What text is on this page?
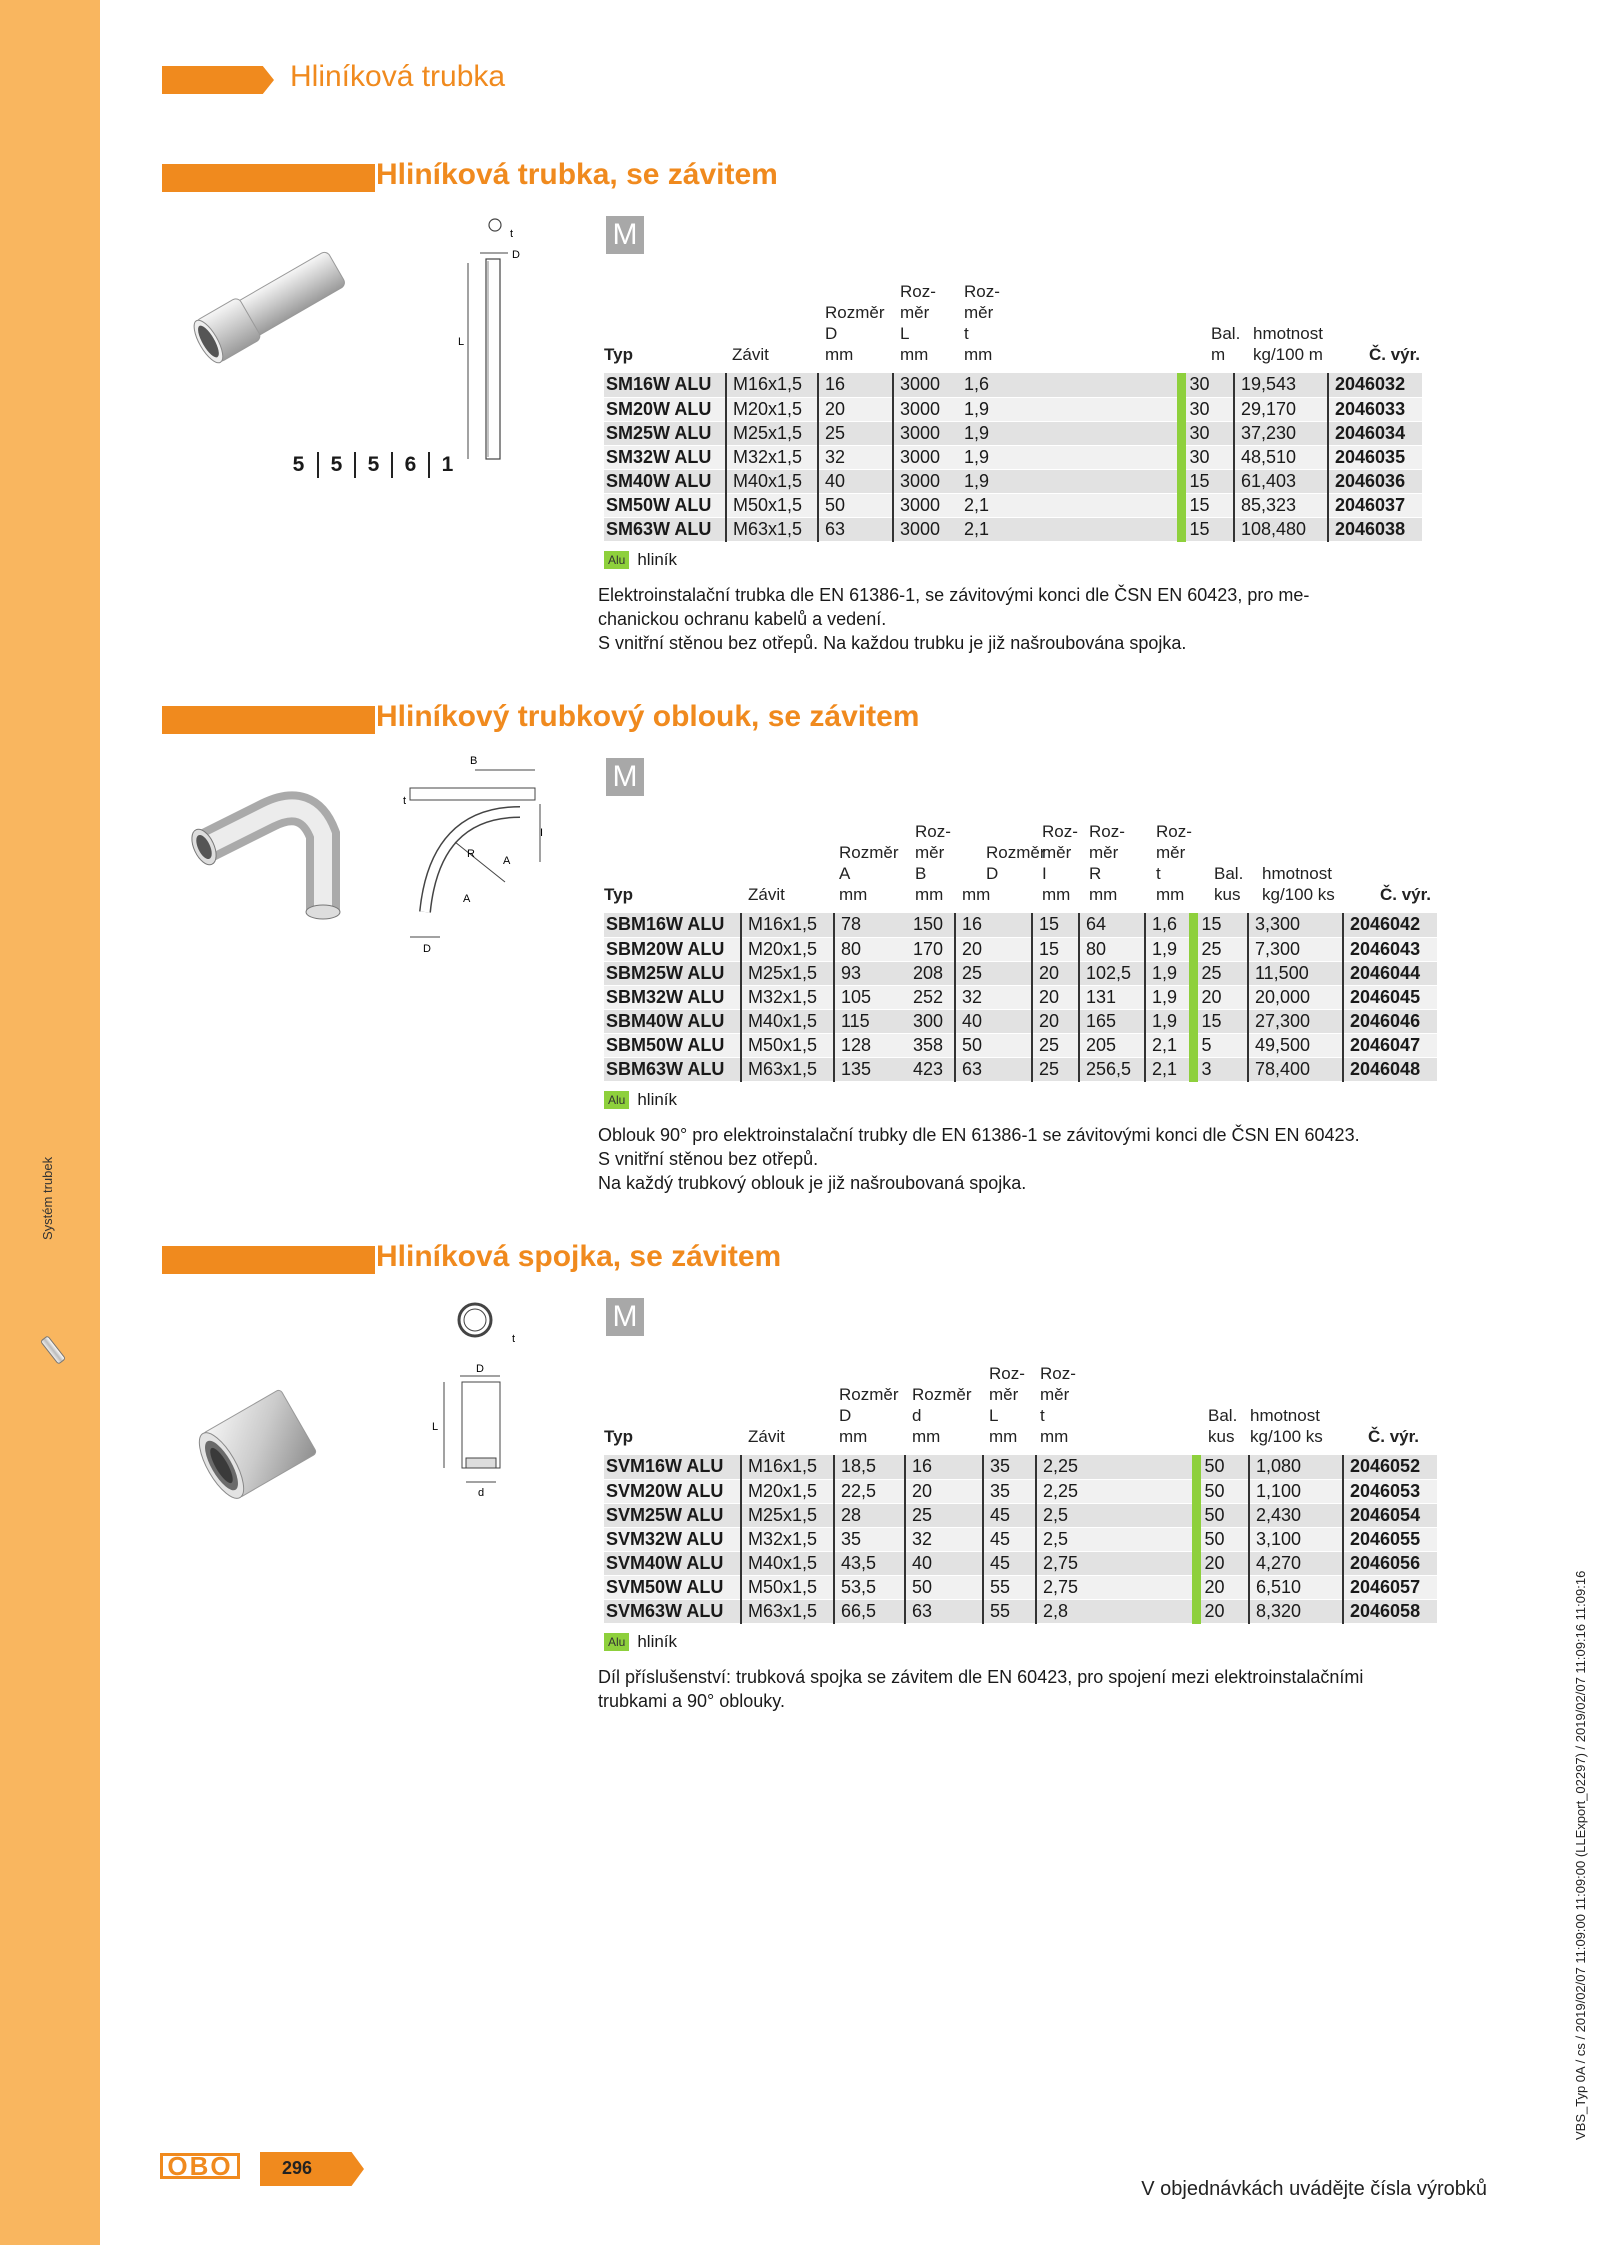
Systém trubek
Hliníková trubka
Hliníková trubka, se závitem
t
D
L
5	5	5	6	1
M
Roz- Roz-
Rozměr měr měr
D	L	t	Bal. hmotnost
Typ	Závit	mm	mm mm	m kg/100 m	Č. výr.
SM16W ALU	M16x1,5	16	3000	1,6	30	19,543	2046032
SM20W ALU	M20x1,5	20	3000	1,9	30	29,170	2046033
SM25W ALU	M25x1,5	25	3000	1,9	30	37,230	2046034
SM32W ALU	M32x1,5	32	3000	1,9	30	48,510	2046035
SM40W ALU	M40x1,5	40	3000	1,9	15	61,403	2046036
SM50W ALU	M50x1,5	50	3000	2,1	15	85,323	2046037
SM63W ALU	M63x1,5	63	3000	2,1	15	108,480	2046038
Alu hliník
Elektroinstalační trubka dle EN 61386-1, se závitovými konci dle ČSN EN 60423, pro me-
chanickou ochranu kabelů a vedení.
S vnitřní stěnou bez otřepů. Na každou trubku je již našroubována spojka.
Hliníkový trubkový oblouk, se závitem
B
t
I
R
A
A
D
M
Roz-	Roz- Roz- Roz-
Rozměr měr Rozměr
měr měr měr
A	B	D	I R	t	Bal. hmotnost
Typ	Závit	mm	mm mm	mm mm mm kus kg/100 ks	Č. výr.
SBM16W ALU	M16x1,5	78	150	16	15	64	1,6	15	3,300	2046042
SBM20W ALU	M20x1,5	80	170	20	15	80	1,9	25	7,300	2046043
SBM25W ALU	M25x1,5	93	208	25	20	102,5	1,9	25	11,500	2046044
SBM32W ALU	M32x1,5	105	252	32	20	131	1,9	20	20,000	2046045
SBM40W ALU	M40x1,5	115	300	40	20	165	1,9	15	27,300	2046046
SBM50W ALU	M50x1,5	128	358	50	25	205	2,1	5	49,500	2046047
SBM63W ALU	M63x1,5	135	423	63	25	256,5	2,1	3	78,400	2046048
Alu hliník
Oblouk 90° pro elektroinstalační trubky dle EN 61386-1 se závitovými konci dle ČSN EN 60423.
S vnitřní stěnou bez otřepů.
Na každý trubkový oblouk je již našroubovaná spojka.
Hliníková spojka, se závitem
t
D
L
d
M
Roz- Roz-
Rozměr Rozměr měr měr
D	d	L t	Bal. hmotnost
Typ	Závit	mm	mm	mm mm	kus kg/100 ks	Č. výr.
SVM16W ALU	M16x1,5	18,5	16	35	2,25	50	1,080	2046052
SVM20W ALU	M20x1,5	22,5	20	35	2,25	50	1,100	2046053
SVM25W ALU	M25x1,5	28	25	45	2,5	50	2,430	2046054
SVM32W ALU	M32x1,5	35	32	45	2,5	50	3,100	2046055
SVM40W ALU	M40x1,5	43,5	40	45	2,75	20	4,270	2046056
SVM50W ALU	M50x1,5	53,5	50	55	2,75	20	6,510	2046057
SVM63W ALU	M63x1,5	66,5	63	55	2,8	20	8,320	2046058
Alu hliník
Díl příslušenství: trubková spojka se závitem dle EN 60423, pro spojení mezi elektroinstalačními
trubkami a 90° oblouky.
OBO	296
V objednávkách uvádějte čísla výrobků
VBS_Typ 0A / cs / 2019/02/07 11:09:00 11:09:00 (LLExport_02297) / 2019/02/07 11:09:16 11:09:16
